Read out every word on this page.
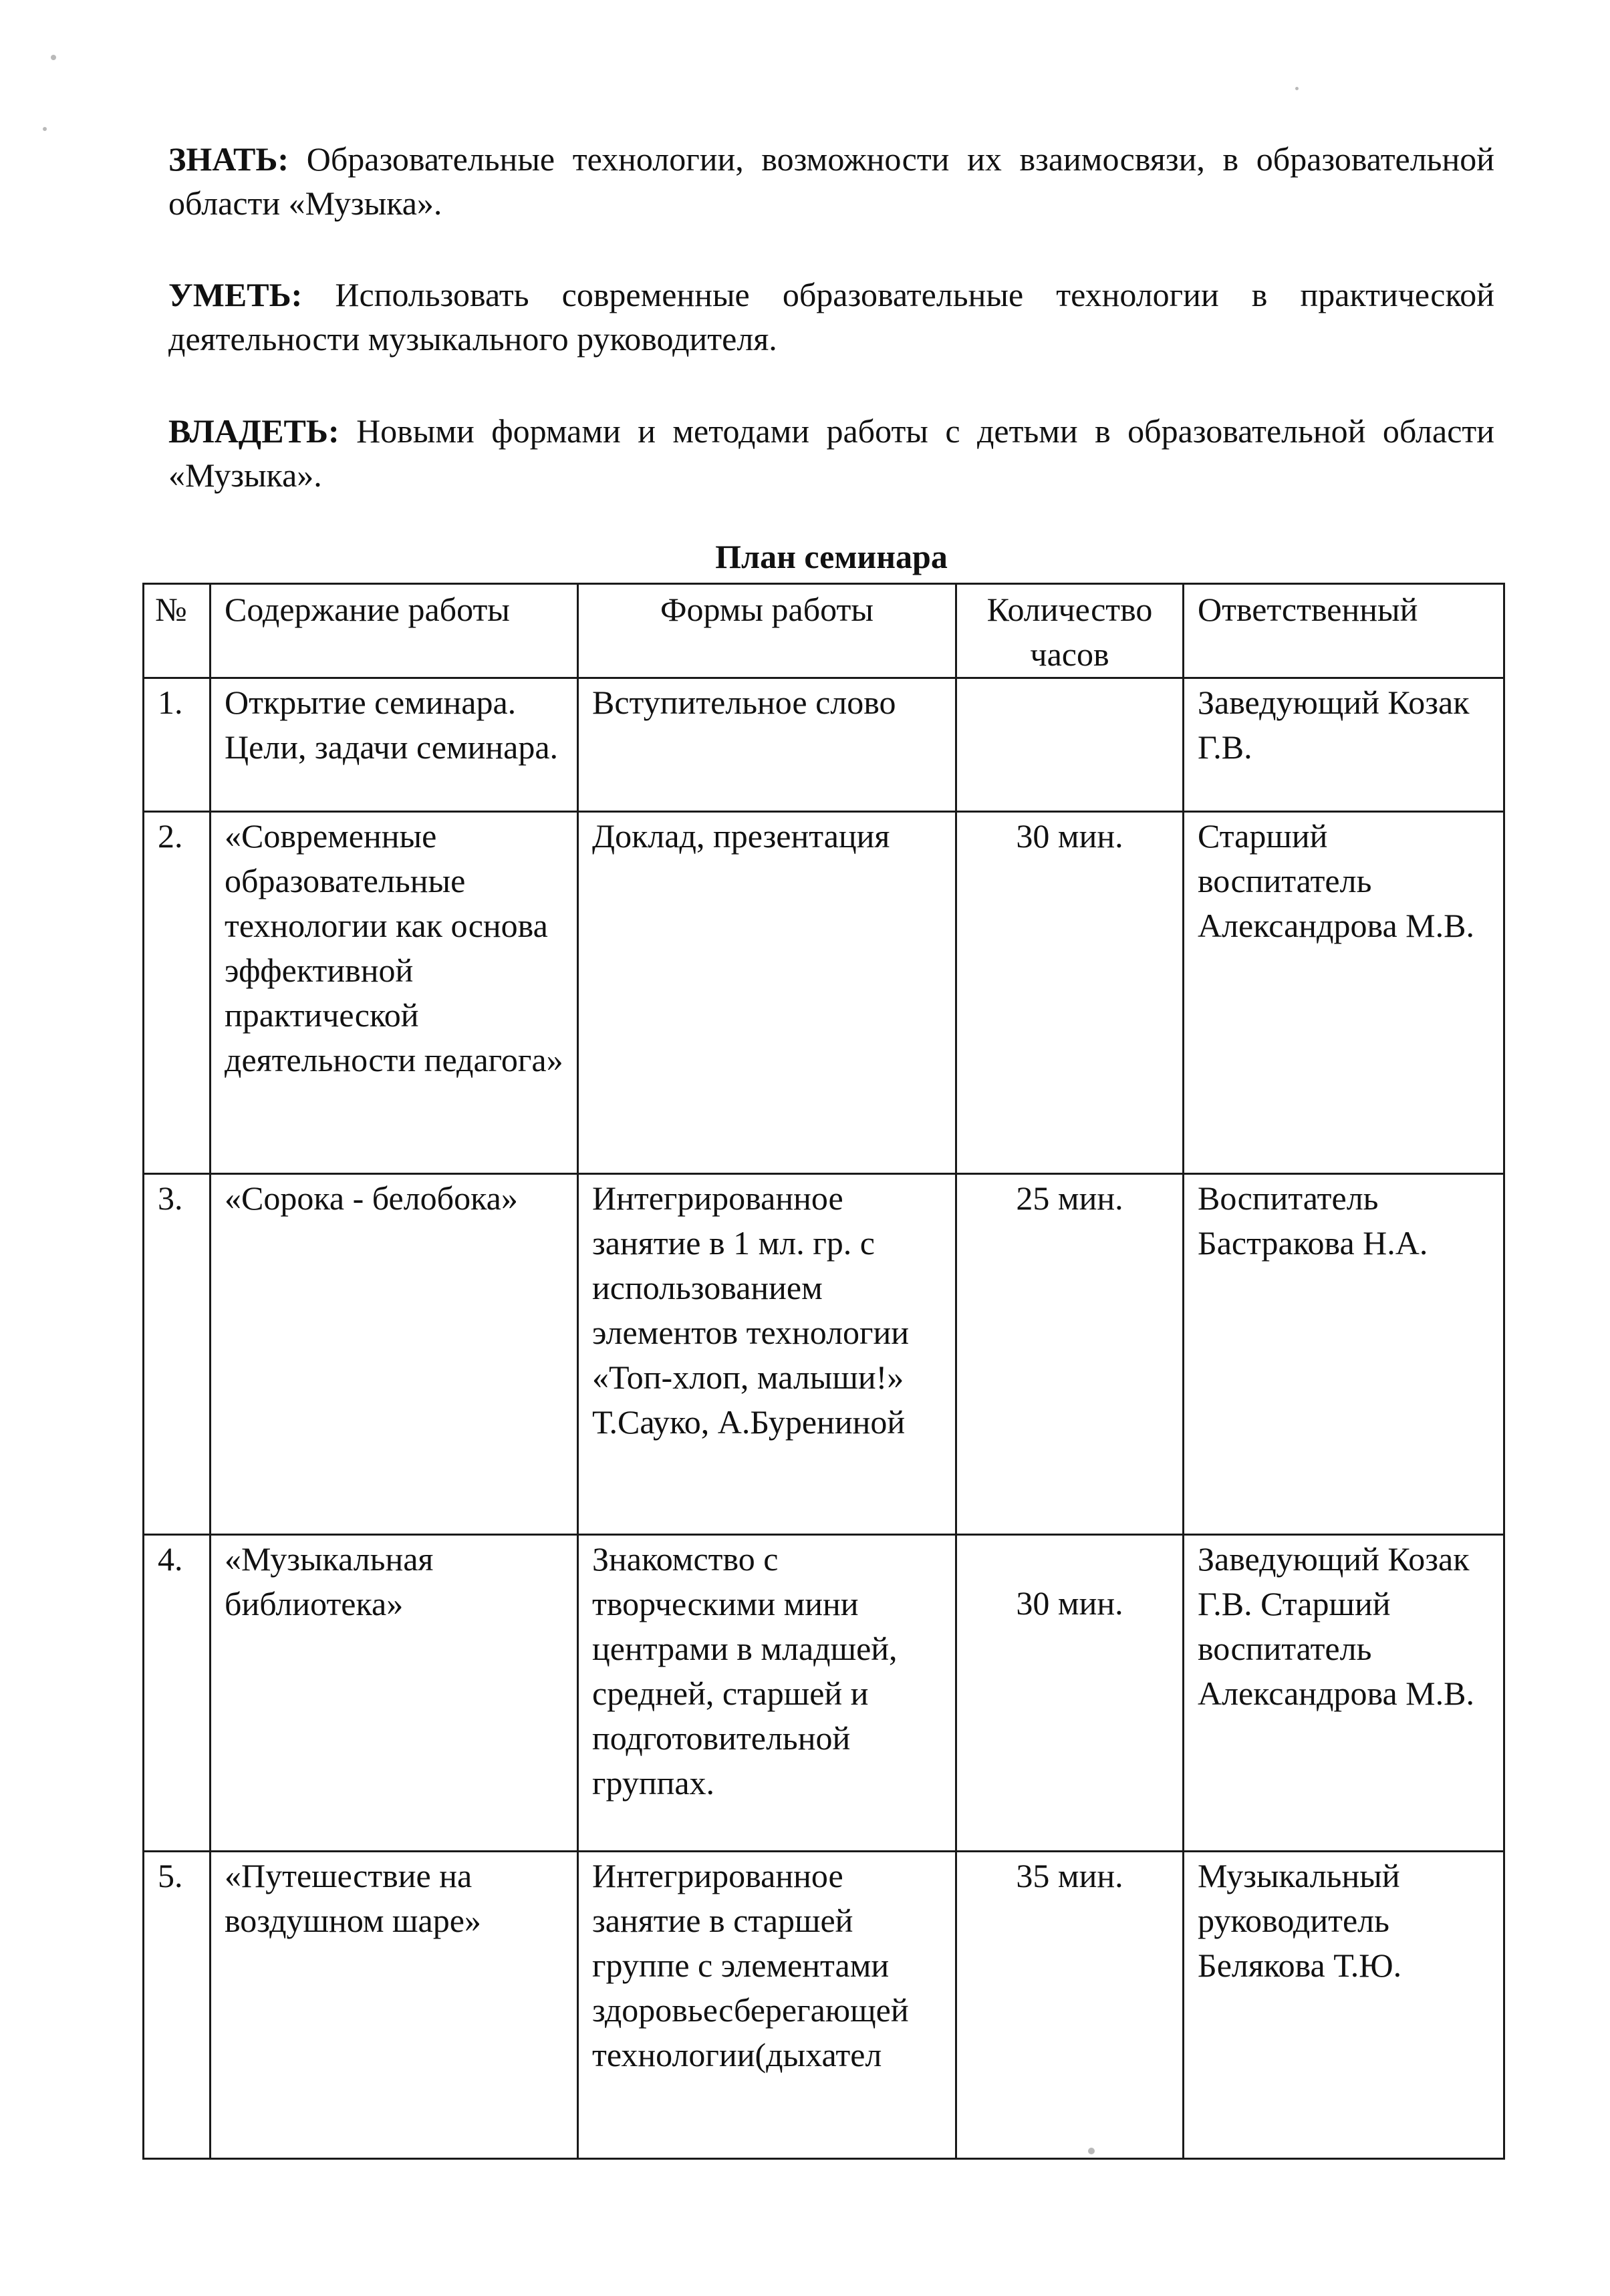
ЗНАТЬ: Образовательные технологии, возможности их взаимосвязи, в образовательной области «Музыка».
УМЕТЬ: Использовать современные образовательные технологии в практической деятельности музыкального руководителя.
ВЛАДЕТЬ: Новыми формами и методами работы с детьми в образовательной области «Музыка».
План семинара
№	Содержание работы	Формы работы	Количество часов	Ответственный
1.	Открытие семинара. Цели, задачи семинара.	Вступительное слово		Заведующий Козак Г.В.
2.	«Современные образовательные технологии как основа эффективной практической деятельности педагога»	Доклад, презентация	30 мин.	Старший воспитатель Александрова М.В.
3.	«Сорока - белобока»	Интегрированное занятие в 1 мл. гр. с использованием элементов технологии «Топ-хлоп, малыши!» Т.Сауко, А.Бурениной	25 мин.	Воспитатель Бастракова Н.А.
4.	«Музыкальная библиотека»	Знакомство с творческими мини центрами в младшей, средней, старшей и подготовительной группах.	30 мин.	Заведующий Козак Г.В. Старший воспитатель Александрова М.В.
5.	«Путешествие на воздушном шаре»	Интегрированное занятие в старшей группе с элементами здоровьесберегающей технологии(дыхател	35 мин.	Музыкальный руководитель Белякова Т.Ю.
